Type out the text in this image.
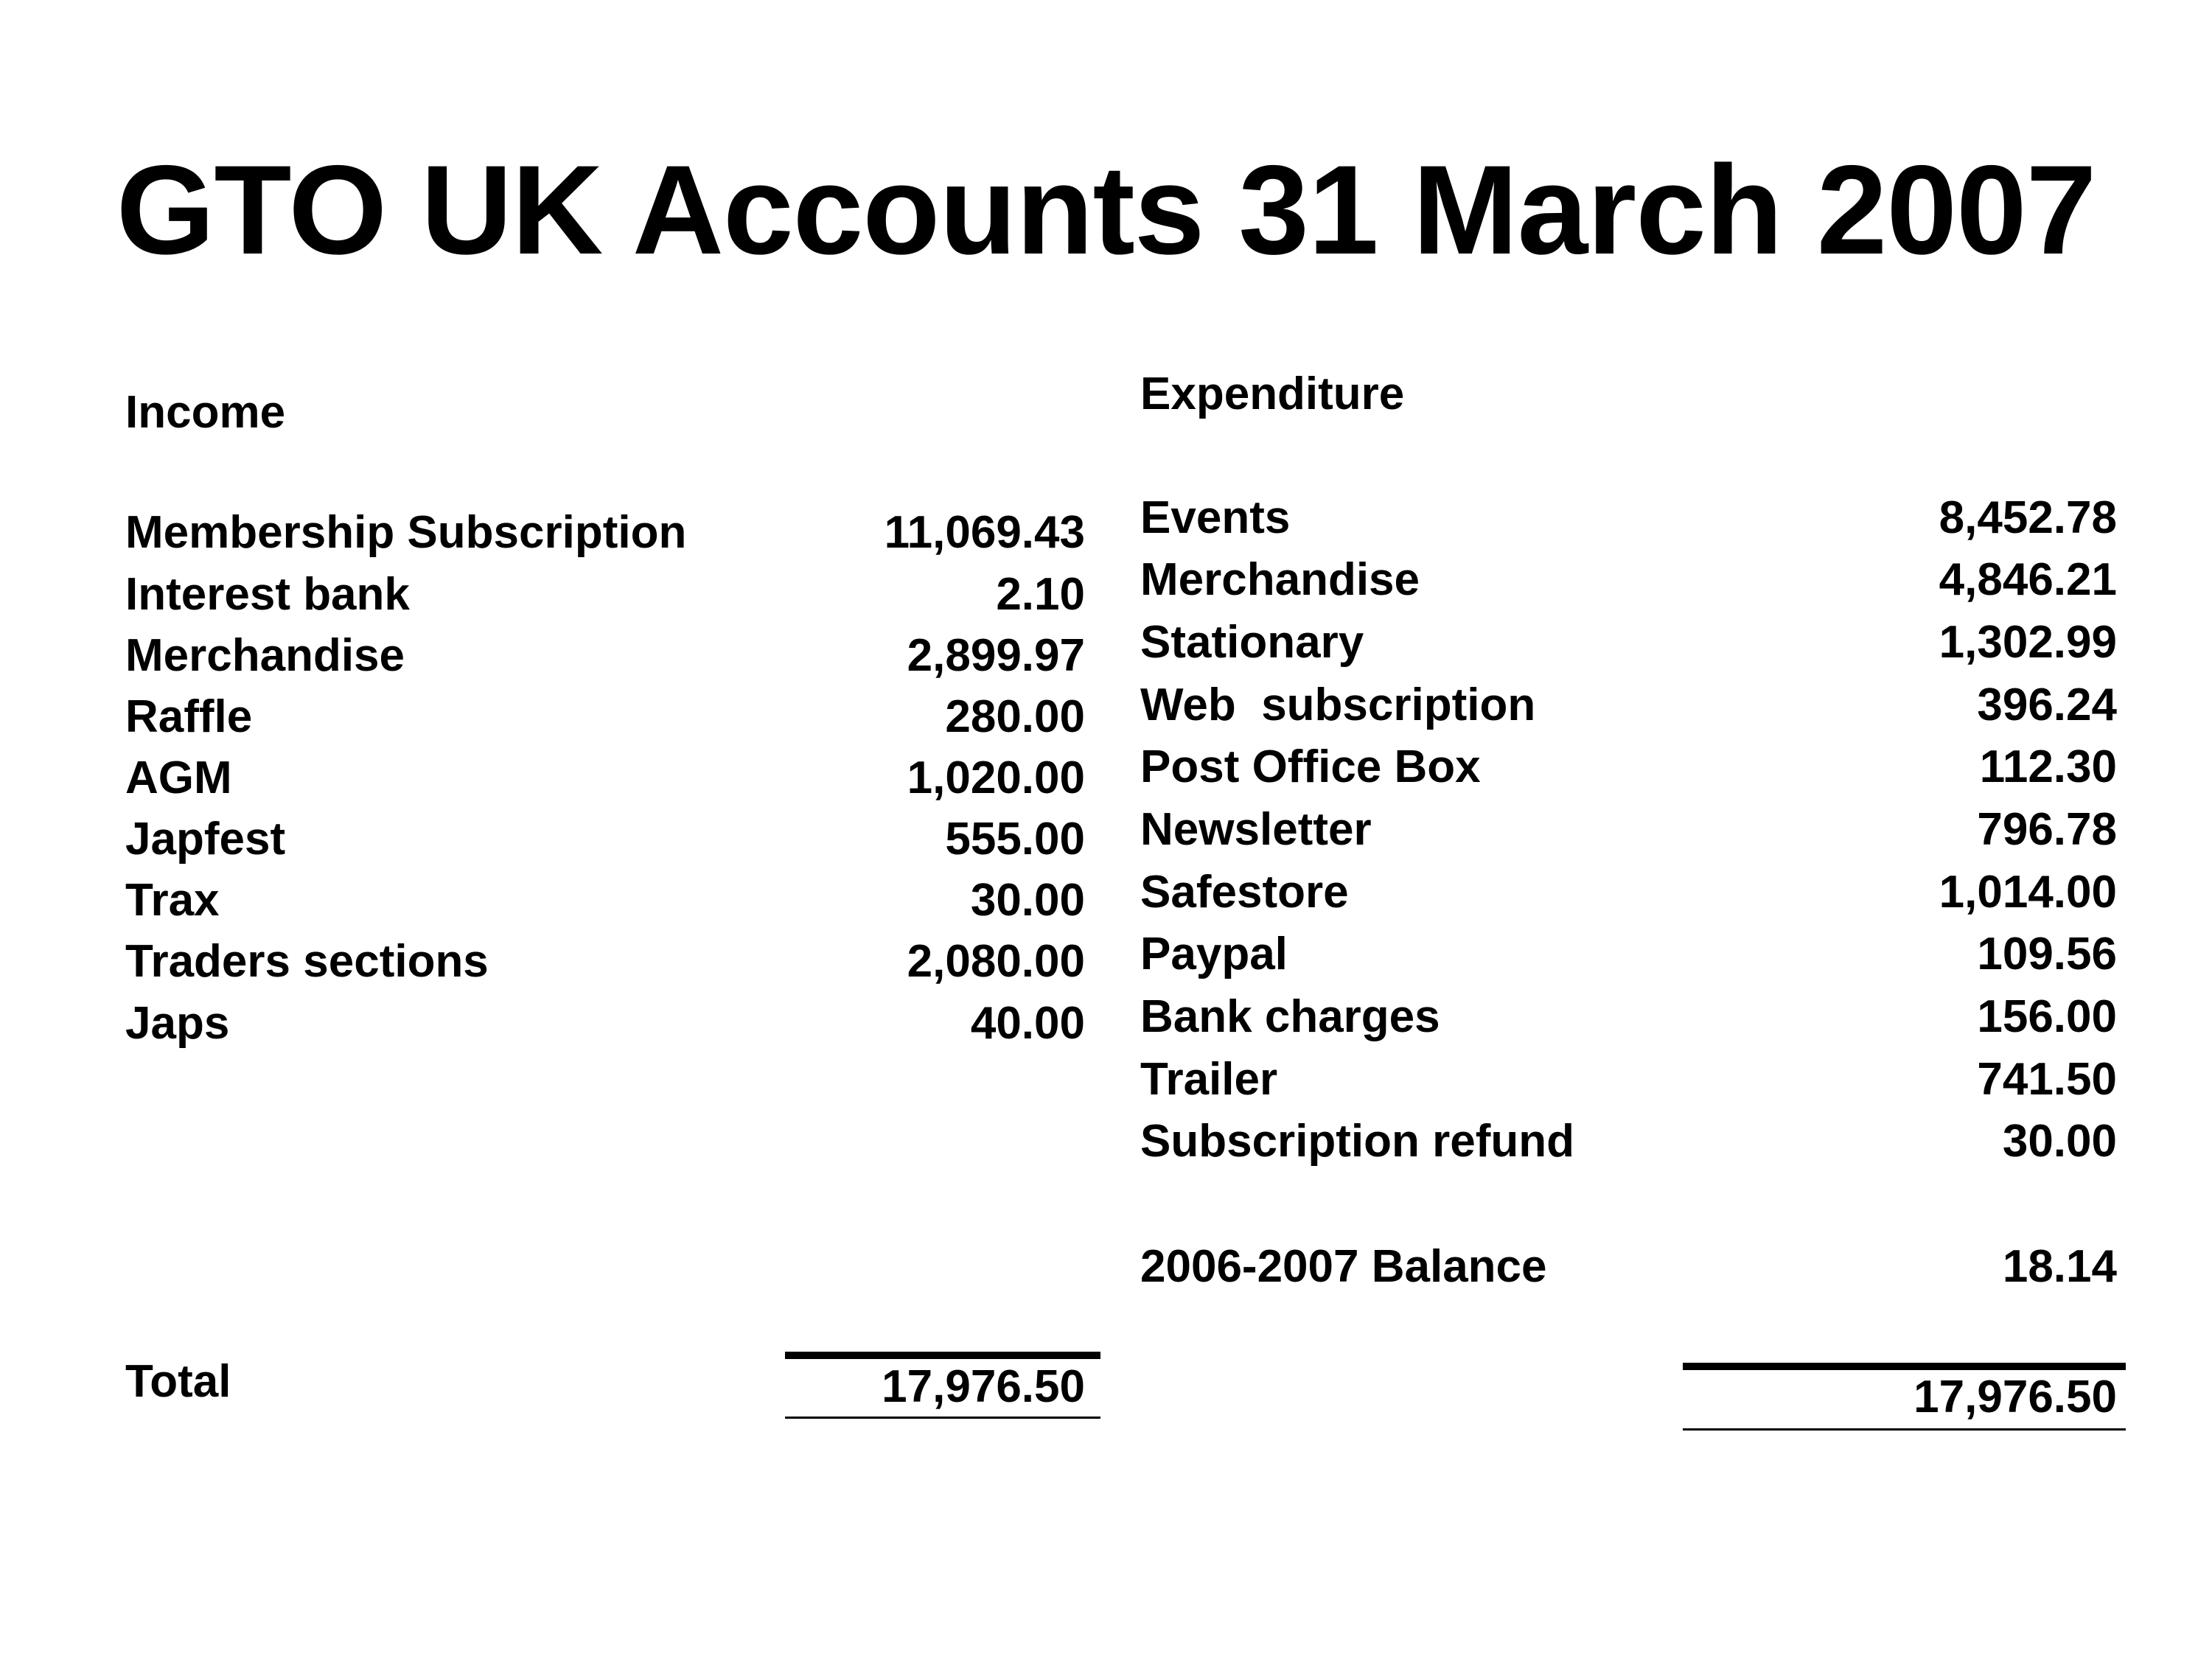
GTO UK Accounts 31 March 2007
Income
Membership Subscription	11,069.43
Interest bank	2.10
Merchandise	2,899.97
Raffle	280.00
AGM	1,020.00
Japfest	555.00
Trax	30.00
Traders sections	2,080.00
Japs	40.00
Total	17,976.50
Expenditure
Events	8,452.78
Merchandise	4,846.21
Stationary	1,302.99
Web  subscription	396.24
Post Office Box	112.30
Newsletter	796.78
Safestore	1,014.00
Paypal	109.56
Bank charges	156.00
Trailer	741.50
Subscription refund	30.00
2006-2007 Balance	18.14
17,976.50
